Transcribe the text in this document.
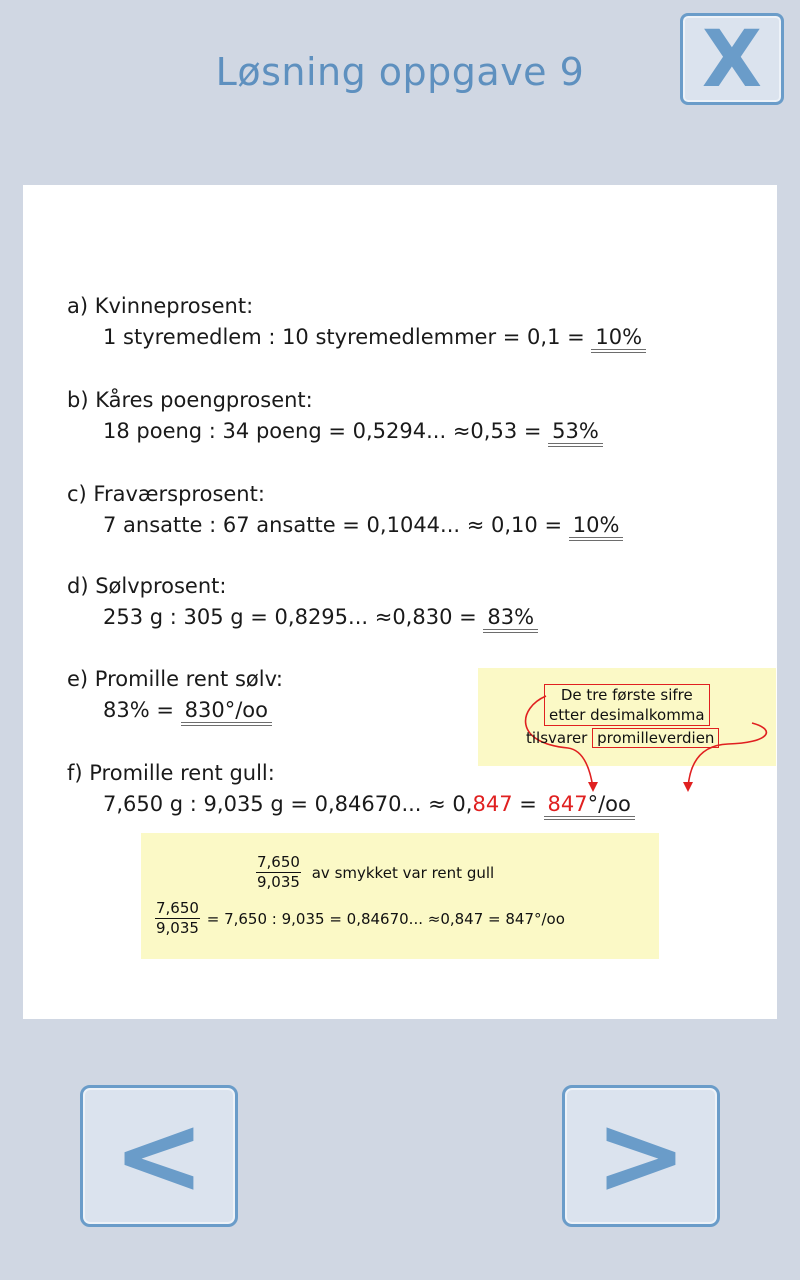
Løsning oppgave 9	X
a) Kvinneprosent:
1 styremedlem : 10 styremedlemmer = 0,1 = 10%
b) Kåres poengprosent:
18 poeng : 34 poeng = 0,5294... ≈0,53 = 53%
c) Fraværsprosent:
7 ansatte : 67 ansatte = 0,1044... ≈ 0,10 = 10%
d) Sølvprosent:
253 g : 305 g = 0,8295... ≈0,830 = 83%
e) Promille rent sølv:
83% = 830°/oo
f) Promille rent gull:
7,650 g : 9,035 g = 0,84670... ≈ 0,847 = 847°/oo
De tre første sifre
etter desimalkomma
tilsvarer promilleverdien
$\frac{7,650}{9,035}$ av smykket var rent gull
$\frac{7,650}{9,035} = 7,650$ : 9,035 = 0,84670... ≈0,847 = 847°/oo
<	>
